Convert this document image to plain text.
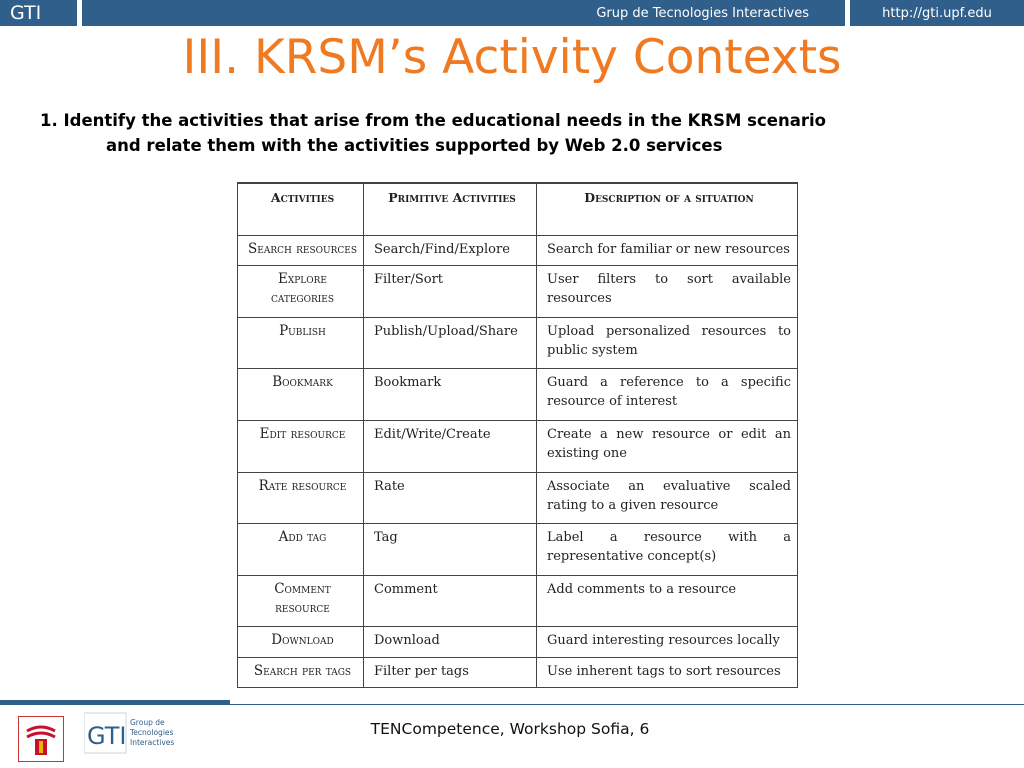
GTI	Grup de Tecnologies Interactives	http://gti.upf.edu
III. KRSM’s Activity Contexts
1. Identify the activities that arise from the educational needs in the KRSM scenario
and relate them with the activities supported by Web 2.0 services
Activities	Primitive Activities	Description of a situation
Search resources	Search/Find/Explore	Search for familiar or new resources
Explore categories	Filter/Sort	User filters to sort available resources
Publish	Publish/Upload/Share	Upload personalized resources to public system
Bookmark	Bookmark	Guard a reference to a specific resource of interest
Edit resource	Edit/Write/Create	Create a new resource or edit an existing one
Rate resource	Rate	Associate an evaluative scaled rating to a given resource
Add tag	Tag	Label a resource with a representative concept(s)
Comment resource	Comment	Add comments to a resource
Download	Download	Guard interesting resources locally
Search per tags	Filter per tags	Use inherent tags to sort resources
GTI Group de
Tecnologies
Interactives
TENCompetence, Workshop Sofia, 6
